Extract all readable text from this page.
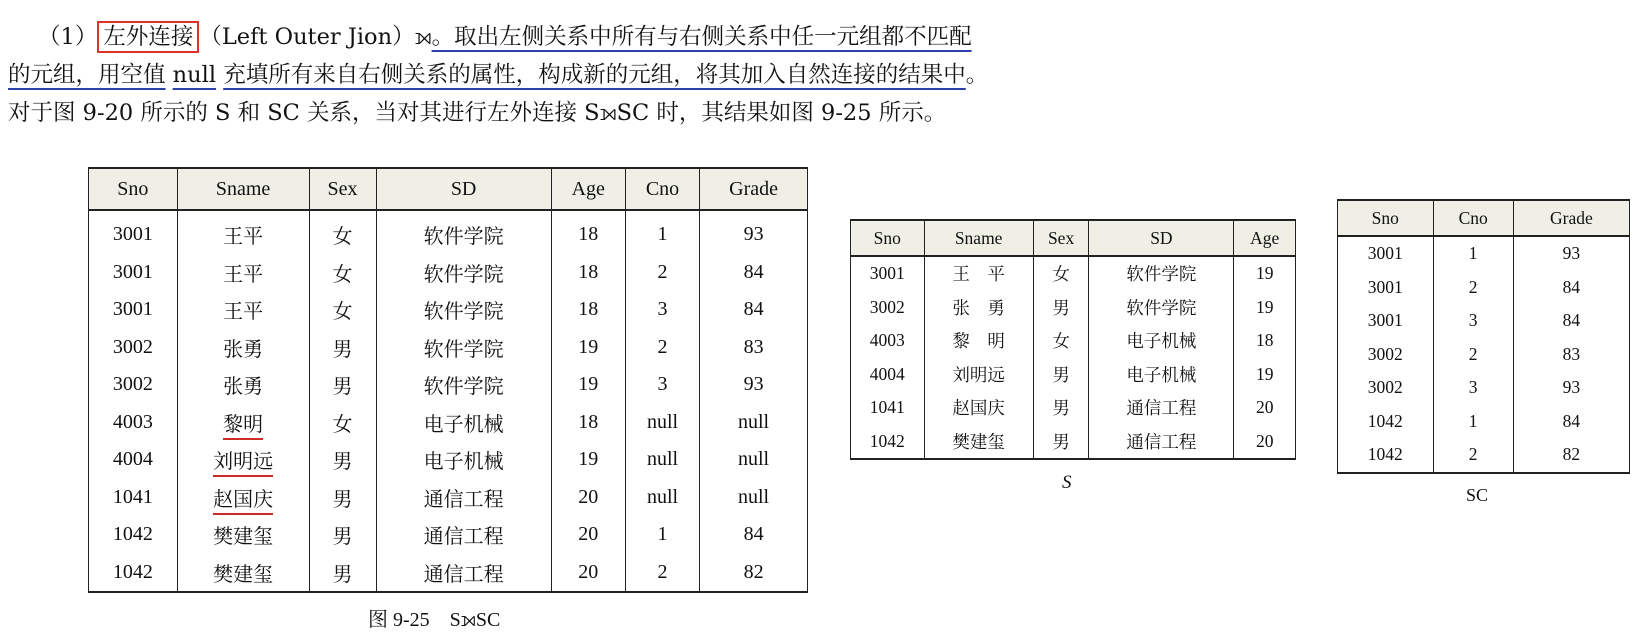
（1） 左外连接 （Left Outer Jion）⟕。取出左侧关系中所有与右侧关系中任一元组都不匹配的元组，用空值 null 充填所有来自右侧关系的属性，构成新的元组，将其加入自然连接的结果中。对于图 9-20 所示的 S 和 SC 关系，当对其进行左外连接 S⟕SC 时，其结果如图 9-25 所示。
Sno	Sname	Sex	SD	Age	Cno	Grade
3001	王平	女	软件学院	18	1	93
3001	王平	女	软件学院	18	2	84
3001	王平	女	软件学院	18	3	84
3002	张勇	男	软件学院	19	2	83
3002	张勇	男	软件学院	19	3	93
4003	黎明	女	电子机械	18	null	null
4004	刘明远	男	电子机械	19	null	null
1041	赵国庆	男	通信工程	20	null	null
1042	樊建玺	男	通信工程	20	1	84
1042	樊建玺	男	通信工程	20	2	82
图 9-25　S⟕SC
Sno	Sname	Sex	SD	Age
3001	王　平	女	软件学院	19
3002	张　勇	男	软件学院	19
4003	黎　明	女	电子机械	18
4004	刘明远	男	电子机械	19
1041	赵国庆	男	通信工程	20
1042	樊建玺	男	通信工程	20
S
Sno	Cno	Grade
3001	1	93
3001	2	84
3001	3	84
3002	2	83
3002	3	93
1042	1	84
1042	2	82
SC
